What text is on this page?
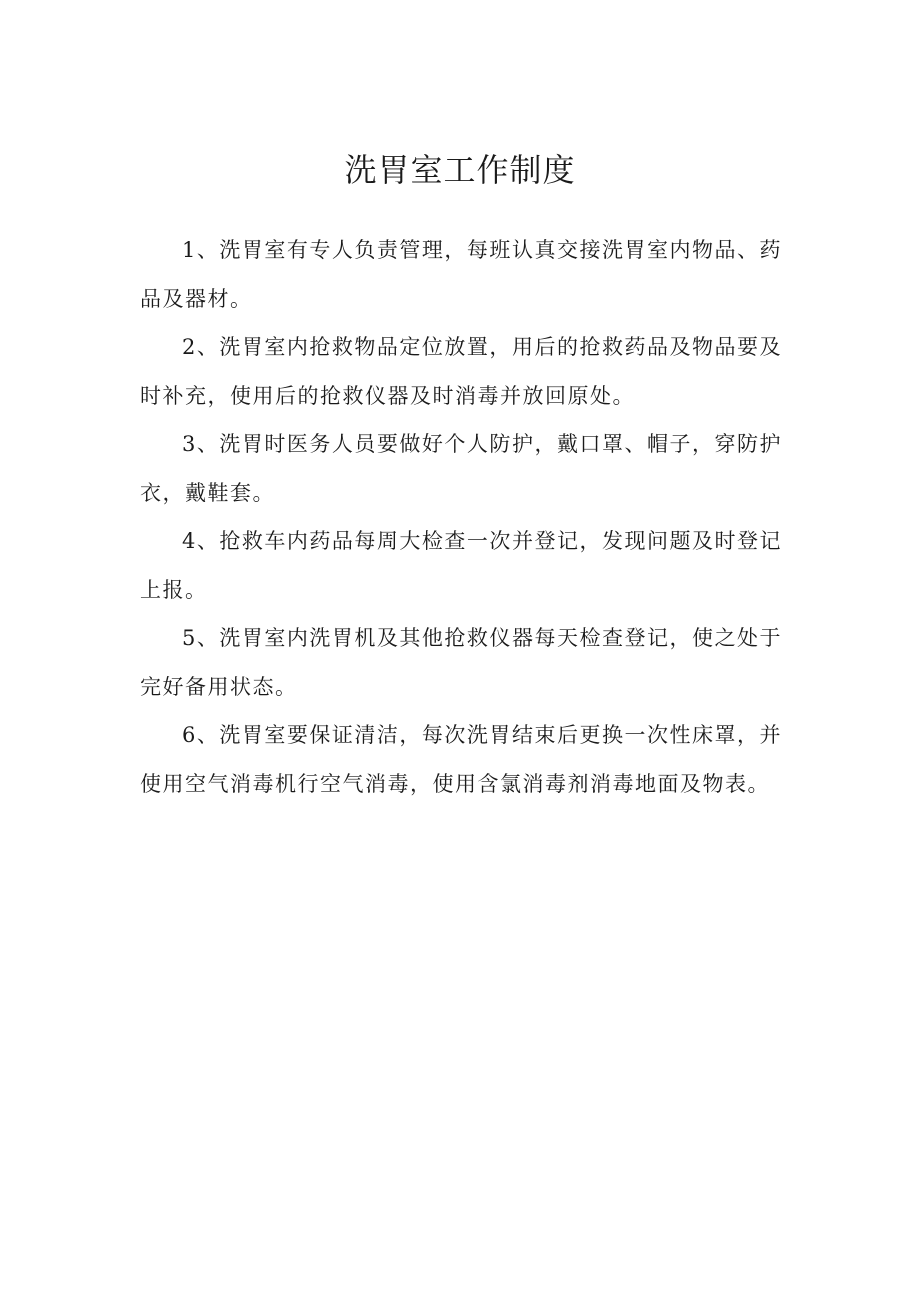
洗胃室工作制度

1、洗胃室有专人负责管理，每班认真交接洗胃室内物品、药品及器材。

2、洗胃室内抢救物品定位放置，用后的抢救药品及物品要及时补充，使用后的抢救仪器及时消毒并放回原处。

3、洗胃时医务人员要做好个人防护，戴口罩、帽子，穿防护衣，戴鞋套。

4、抢救车内药品每周大检查一次并登记，发现问题及时登记上报。

5、洗胃室内洗胃机及其他抢救仪器每天检查登记，使之处于完好备用状态。

6、洗胃室要保证清洁，每次洗胃结束后更换一次性床罩，并使用空气消毒机行空气消毒，使用含氯消毒剂消毒地面及物表。
